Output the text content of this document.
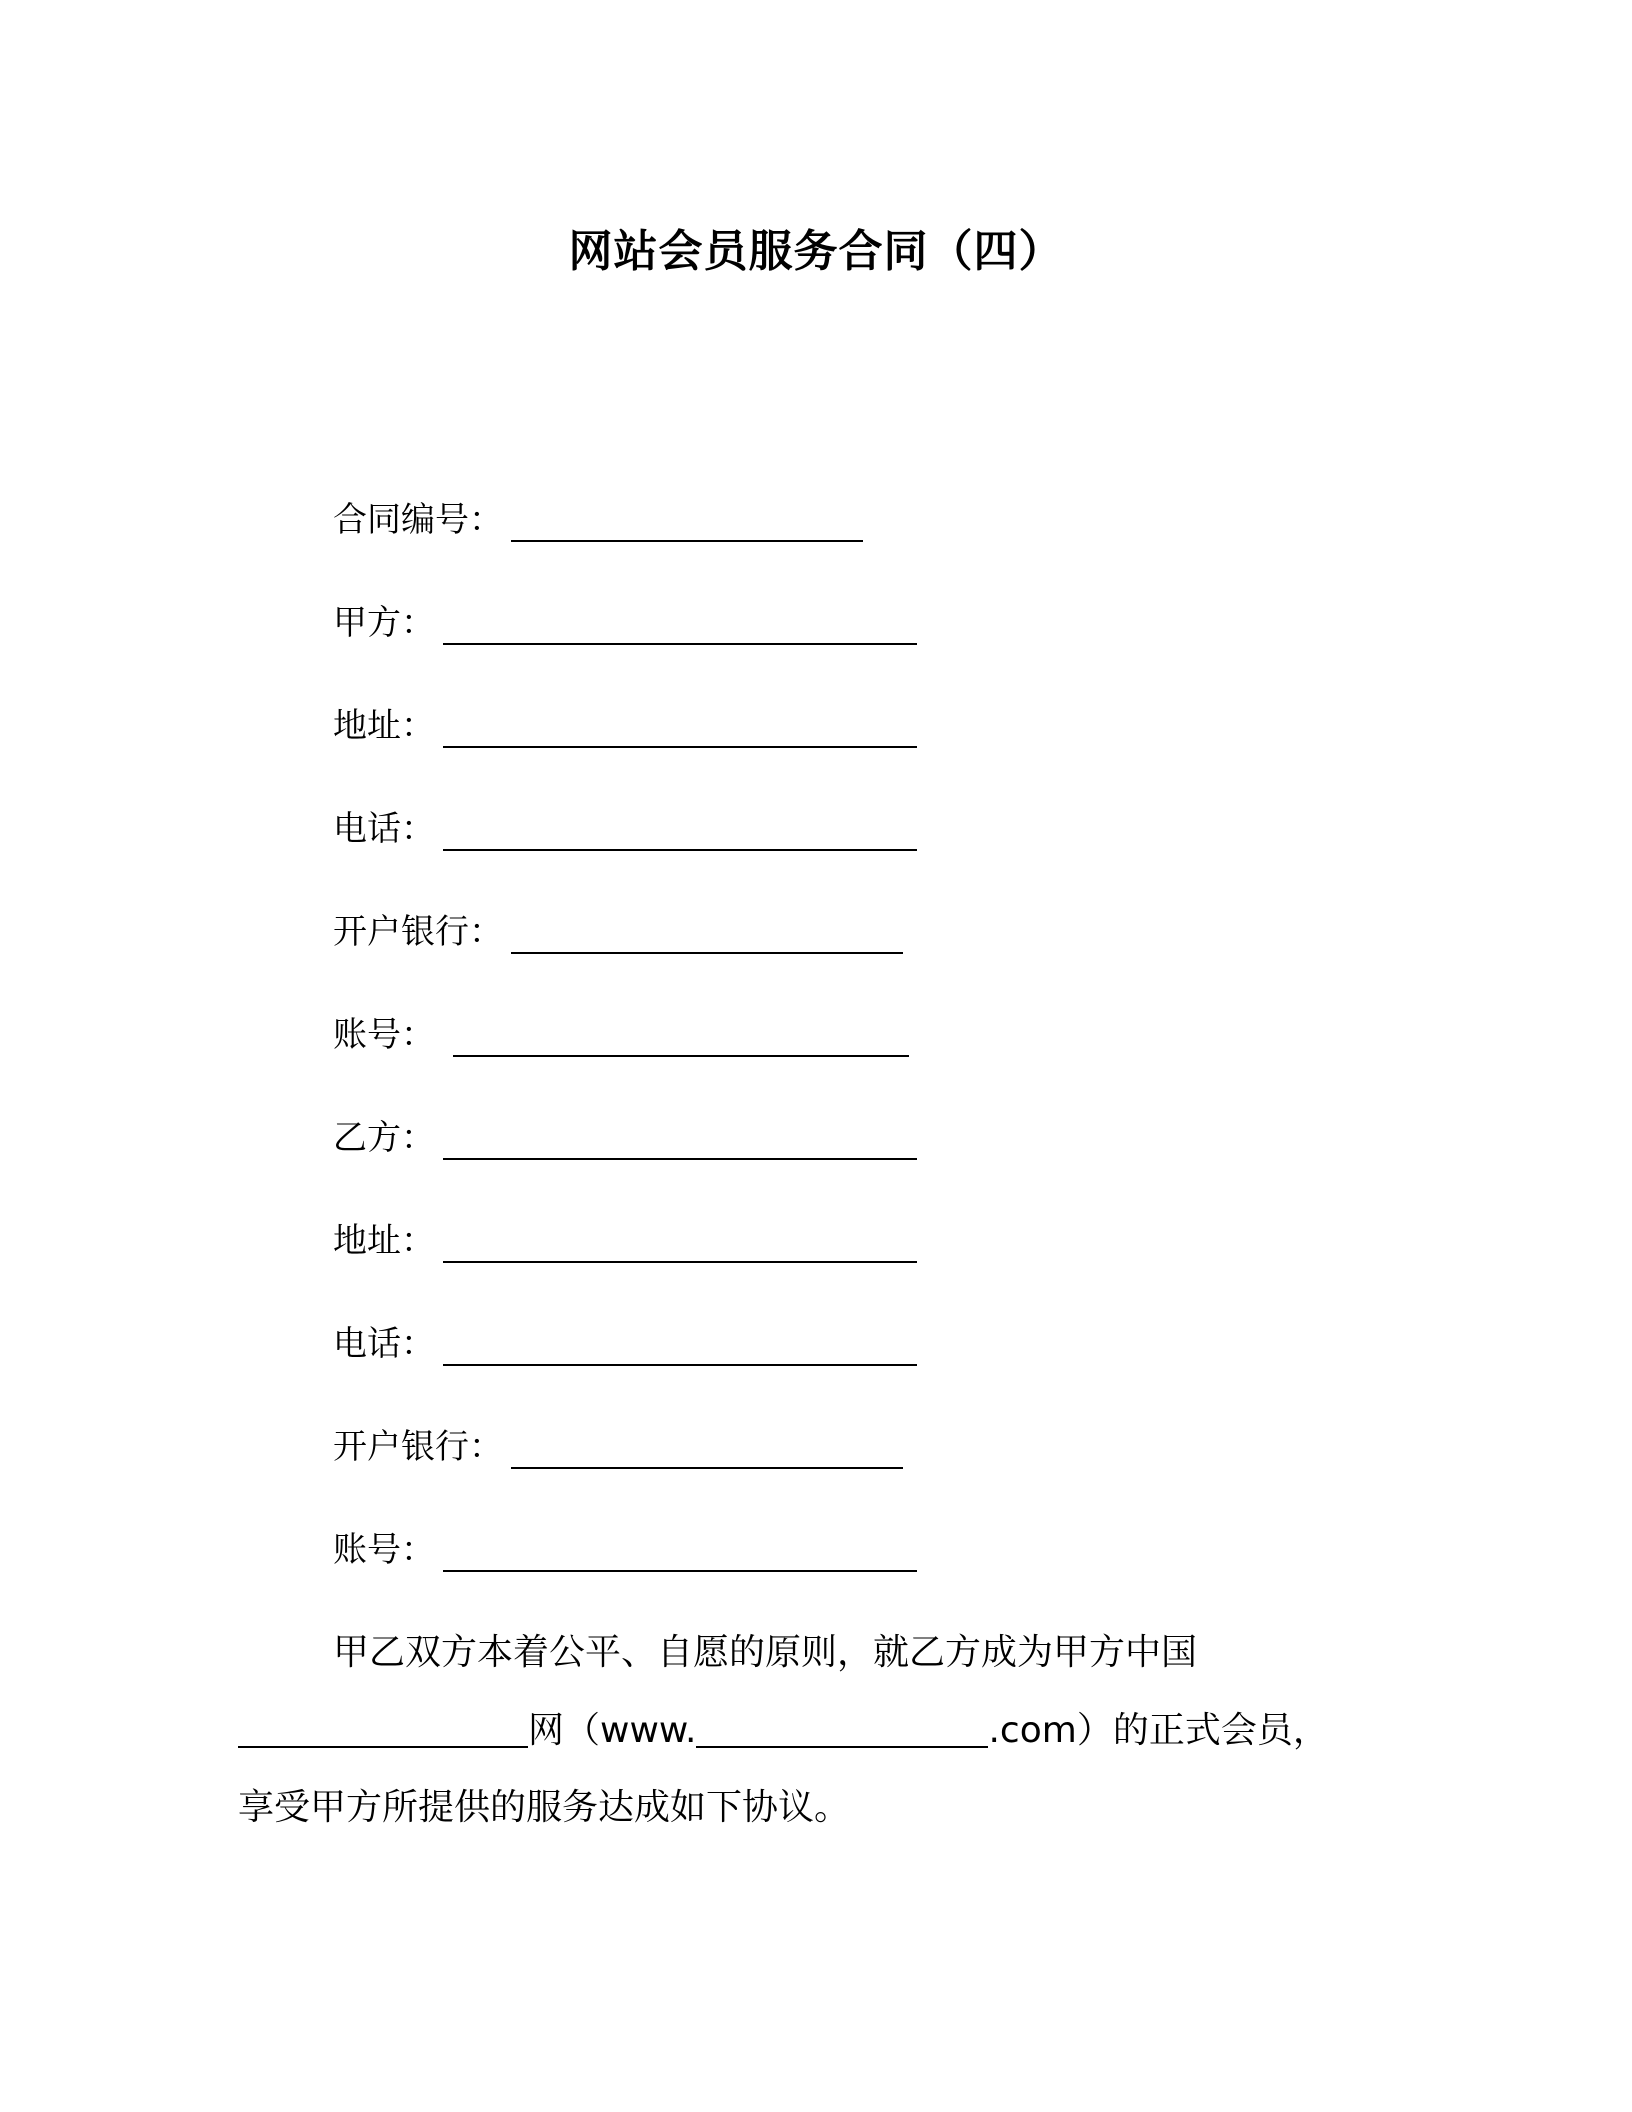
网站会员服务合同（四）
合同编号：
甲方：
地址：
电话：
开户银行：
账号：
乙方：
地址：
电话：
开户银行：
账号：
甲乙双方本着公平、自愿的原则，就乙方成为甲方中国
网（www.	.com）的正式会员，
享受甲方所提供的服务达成如下协议。
